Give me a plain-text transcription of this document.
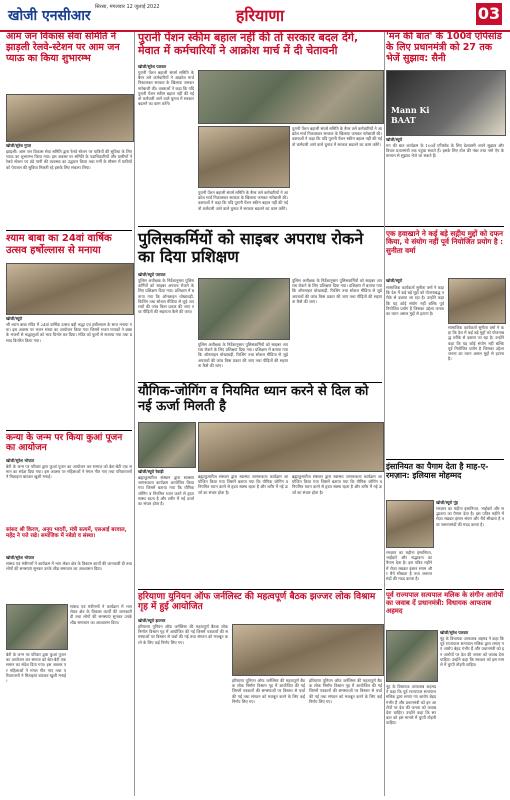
खोजी एनसीआर
सिरसा, मंगलवार 12 जुलाई 2022	हरियाणा	03
आम जन विकास सेवा समिति ने झाड़ली रेलवे-स्टेशन पर आम जन प्याऊ का किया शुभारम्भ
खोजी/सुरेश गुप्ता
झाड़ली। आम जन विकास सेवा समिति द्वारा रेलवे स्टेशन पर यात्रियों की सुविधा के लिए प्याऊ का शुभारम्भ किया गया। इस अवसर पर समिति के पदाधिकारियों और ग्रामीणों ने रेलवे स्टेशन पर ठंडे पानी की व्यवस्था का उद्घाटन किया तथा गर्मी के मौसम में यात्रियों को पेयजल की सुविधा मिलती रहे इसके लिए संकल्प लिया।
पुरानी पेंशन स्कीम बहाल नहीं की तो सरकार बदल देंगे, मेवात में कर्मचारियों ने आक्रोश मार्च में दी चेतावनी
खोजी/सुरेश पलवल
पुरानी पेंशन बहाली संघर्ष समिति के बैनर तले कर्मचारियों ने आक्रोश मार्च निकालकर सरकार के खिलाफ जमकर नारेबाजी की। वक्ताओं ने कहा कि यदि पुरानी पेंशन स्कीम बहाल नहीं की गई तो कर्मचारी आने वाले चुनाव में सरकार बदलने का काम करेंगे।
पुरानी पेंशन बहाली संघर्ष समिति के बैनर तले कर्मचारियों ने आक्रोश मार्च निकालकर सरकार के खिलाफ जमकर नारेबाजी की। वक्ताओं ने कहा कि यदि पुरानी पेंशन स्कीम बहाल नहीं की गई तो कर्मचारी आने वाले चुनाव में सरकार बदलने का काम करेंगे।
पुरानी पेंशन बहाली संघर्ष समिति के बैनर तले कर्मचारियों ने आक्रोश मार्च निकालकर सरकार के खिलाफ जमकर नारेबाजी की। वक्ताओं ने कहा कि यदि पुरानी पेंशन स्कीम बहाल नहीं की गई तो कर्मचारी आने वाले चुनाव में सरकार बदलने का काम करेंगे।
'मन की बात' के 100वें एपिसोड के लिए प्रधानमंत्री को 27 तक भेजें सुझाव: सैनी
Mann Ki BAAT
खोजी/ब्यूरो
मन की बात कार्यक्रम के 100वें एपिसोड के लिए देशवासी अपने सुझाव और विचार प्रधानमंत्री तक पहुंचा सकते हैं। इसके लिए टोल फ्री नंबर तथा नमो ऐप के माध्यम से सुझाव भेजे जा सकते हैं।
श्याम बाबा का 24वां वार्षिक उत्सव हर्षोल्लास से मनाया
खोजी/ब्यूरो
श्री श्याम बाबा मंदिर में 24वां वार्षिक उत्सव बड़ी श्रद्धा एवं हर्षोल्लास के साथ मनाया गया। इस अवसर पर भजन संध्या का आयोजन किया गया जिसमें भजन गायकों ने बाबा के भजनों से श्रद्धालुओं को भाव विभोर कर दिया। मंदिर को फूलों से सजाया गया तथा प्रसाद वितरित किया गया।
पुलिसकर्मियों को साइबर अपराध रोकने का दिया प्रशिक्षण
खोजी/ब्यूरो पलवल
पुलिस अधीक्षक के निर्देशानुसार पुलिसकर्मियों को साइबर अपराध रोकने के लिए प्रशिक्षण दिया गया। प्रशिक्षण में बताया गया कि ऑनलाइन धोखाधड़ी, फिशिंग तथा सोशल मीडिया से जुड़े अपराधों की जांच किस प्रकार की जाए तथा पीड़ितों की सहायता कैसे की जाए।
पुलिस अधीक्षक के निर्देशानुसार पुलिसकर्मियों को साइबर अपराध रोकने के लिए प्रशिक्षण दिया गया। प्रशिक्षण में बताया गया कि ऑनलाइन धोखाधड़ी, फिशिंग तथा सोशल मीडिया से जुड़े अपराधों की जांच किस प्रकार की जाए तथा पीड़ितों की सहायता कैसे की जाए।
पुलिस अधीक्षक के निर्देशानुसार पुलिसकर्मियों को साइबर अपराध रोकने के लिए प्रशिक्षण दिया गया। प्रशिक्षण में बताया गया कि ऑनलाइन धोखाधड़ी, फिशिंग तथा सोशल मीडिया से जुड़े अपराधों की जांच किस प्रकार की जाए तथा पीड़ितों की सहायता कैसे की जाए।
एक हवाखाने ने कई बड़े सद्गीय मुद्दों को दफन किया, ये संयोग नहीं पूर्व नियोजित प्रयोग है : सुनीता वर्मा
खोजी/ब्यूरो
सामाजिक कार्यकर्ता सुनीता वर्मा ने कहा कि देश में कई बड़े मुद्दों को योजनाबद्ध तरीके से दबाया जा रहा है। उन्होंने कहा कि यह कोई संयोग नहीं बल्कि पूर्व नियोजित प्रयोग है जिसका उद्देश्य जनता का ध्यान असल मुद्दों से हटाना है।
सामाजिक कार्यकर्ता सुनीता वर्मा ने कहा कि देश में कई बड़े मुद्दों को योजनाबद्ध तरीके से दबाया जा रहा है। उन्होंने कहा कि यह कोई संयोग नहीं बल्कि पूर्व नियोजित प्रयोग है जिसका उद्देश्य जनता का ध्यान असल मुद्दों से हटाना है।
यौगिक-जोगिंग व नियमित ध्यान करने से दिल को नई ऊर्जा मिलती है
खोजी/ब्यूरो रेवाड़ी
ब्रह्माकुमारीज संस्थान द्वारा स्वास्थ्य जागरूकता कार्यक्रम आयोजित किया गया जिसमें बताया गया कि यौगिक जोगिंग व नियमित ध्यान करने से हृदय स्वस्थ रहता है और शरीर में नई ऊर्जा का संचार होता है।
ब्रह्माकुमारीज संस्थान द्वारा स्वास्थ्य जागरूकता कार्यक्रम आयोजित किया गया जिसमें बताया गया कि यौगिक जोगिंग व नियमित ध्यान करने से हृदय स्वस्थ रहता है और शरीर में नई ऊर्जा का संचार होता है।
ब्रह्माकुमारीज संस्थान द्वारा स्वास्थ्य जागरूकता कार्यक्रम आयोजित किया गया जिसमें बताया गया कि यौगिक जोगिंग व नियमित ध्यान करने से हृदय स्वस्थ रहता है और शरीर में नई ऊर्जा का संचार होता है।
इंसानियत का पैगाम देता है माह-ए-रमज़ान: इलियास मोहम्मद
खोजी/ब्यूरो नूंह
रमज़ान का महीना इंसानियत, भाईचारे और सद्भावना का पैगाम देता है। इस पवित्र महीने में रोज़ा रखकर इंसान संयम और धैर्य सीखता है तथा जरूरतमंदों की मदद करता है।
रमज़ान का महीना इंसानियत, भाईचारे और सद्भावना का पैगाम देता है। इस पवित्र महीने में रोज़ा रखकर इंसान संयम और धैर्य सीखता है तथा जरूरतमंदों की मदद करता है।
कन्या के जन्म पर किया कुआं पूजन का आयोजन
खोजी/सुरेश भोपाल
बेटी के जन्म पर परिवार द्वारा कुआं पूजन का आयोजन कर समाज को बेटा-बेटी एक समान का संदेश दिया गया। इस अवसर पर महिलाओं ने मंगल गीत गाए तथा परिवारजनों ने मिठाइयां बांटकर खुशी मनाई।
सांसद श्री किरण, अनूप भादरी, मंत्री सत्यमें, एसआई बरवाल, महेंद्र ने पत्ते रखे। समाजिक में नबेडो व संस्था।
खोजी/सुरेश भोपाल
सांसद एवं मंत्रीगणों ने कार्यक्रम में भाग लेकर क्षेत्र के विकास कार्यों की जानकारी दी तथा लोगों की समस्याएं सुनकर उनके शीघ्र समाधान का आश्वासन दिया।
सांसद एवं मंत्रीगणों ने कार्यक्रम में भाग लेकर क्षेत्र के विकास कार्यों की जानकारी दी तथा लोगों की समस्याएं सुनकर उनके शीघ्र समाधान का आश्वासन दिया।
बेटी के जन्म पर परिवार द्वारा कुआं पूजन का आयोजन कर समाज को बेटा-बेटी एक समान का संदेश दिया गया। इस अवसर पर महिलाओं ने मंगल गीत गाए तथा परिवारजनों ने मिठाइयां बांटकर खुशी मनाई।
हरियाणा युनियन ऑफ जर्नलिस्ट की महत्वपूर्ण बैठक झज्जर लोक विश्राम गृह में हुई आयोजित
खोजी/ब्यूरो झज्जर
हरियाणा यूनियन ऑफ जर्नलिस्ट की महत्वपूर्ण बैठक लोक निर्माण विश्राम गृह में आयोजित की गई जिसमें पत्रकारों की समस्याओं पर विस्तार से चर्चा की गई तथा संगठन को मजबूत करने के लिए कई निर्णय लिए गए।
हरियाणा यूनियन ऑफ जर्नलिस्ट की महत्वपूर्ण बैठक लोक निर्माण विश्राम गृह में आयोजित की गई जिसमें पत्रकारों की समस्याओं पर विस्तार से चर्चा की गई तथा संगठन को मजबूत करने के लिए कई निर्णय लिए गए।
हरियाणा यूनियन ऑफ जर्नलिस्ट की महत्वपूर्ण बैठक लोक निर्माण विश्राम गृह में आयोजित की गई जिसमें पत्रकारों की समस्याओं पर विस्तार से चर्चा की गई तथा संगठन को मजबूत करने के लिए कई निर्णय लिए गए।
पूर्व राज्यपाल सत्यपाल मलिक के संगीन आरोपों का जवाब दें प्रधानमंत्री: विधायक आफताब अहमद
खोजी/सुरेश पलवल
नूंह के विधायक आफताब अहमद ने कहा कि पूर्व राज्यपाल सत्यपाल मलिक द्वारा लगाए गए आरोप बेहद गंभीर हैं और प्रधानमंत्री को इन आरोपों पर देश की जनता को जवाब देना चाहिए। उन्होंने कहा कि सरकार को इस मामले में चुप्पी तोड़नी चाहिए।
नूंह के विधायक आफताब अहमद ने कहा कि पूर्व राज्यपाल सत्यपाल मलिक द्वारा लगाए गए आरोप बेहद गंभीर हैं और प्रधानमंत्री को इन आरोपों पर देश की जनता को जवाब देना चाहिए। उन्होंने कहा कि सरकार को इस मामले में चुप्पी तोड़नी चाहिए।
